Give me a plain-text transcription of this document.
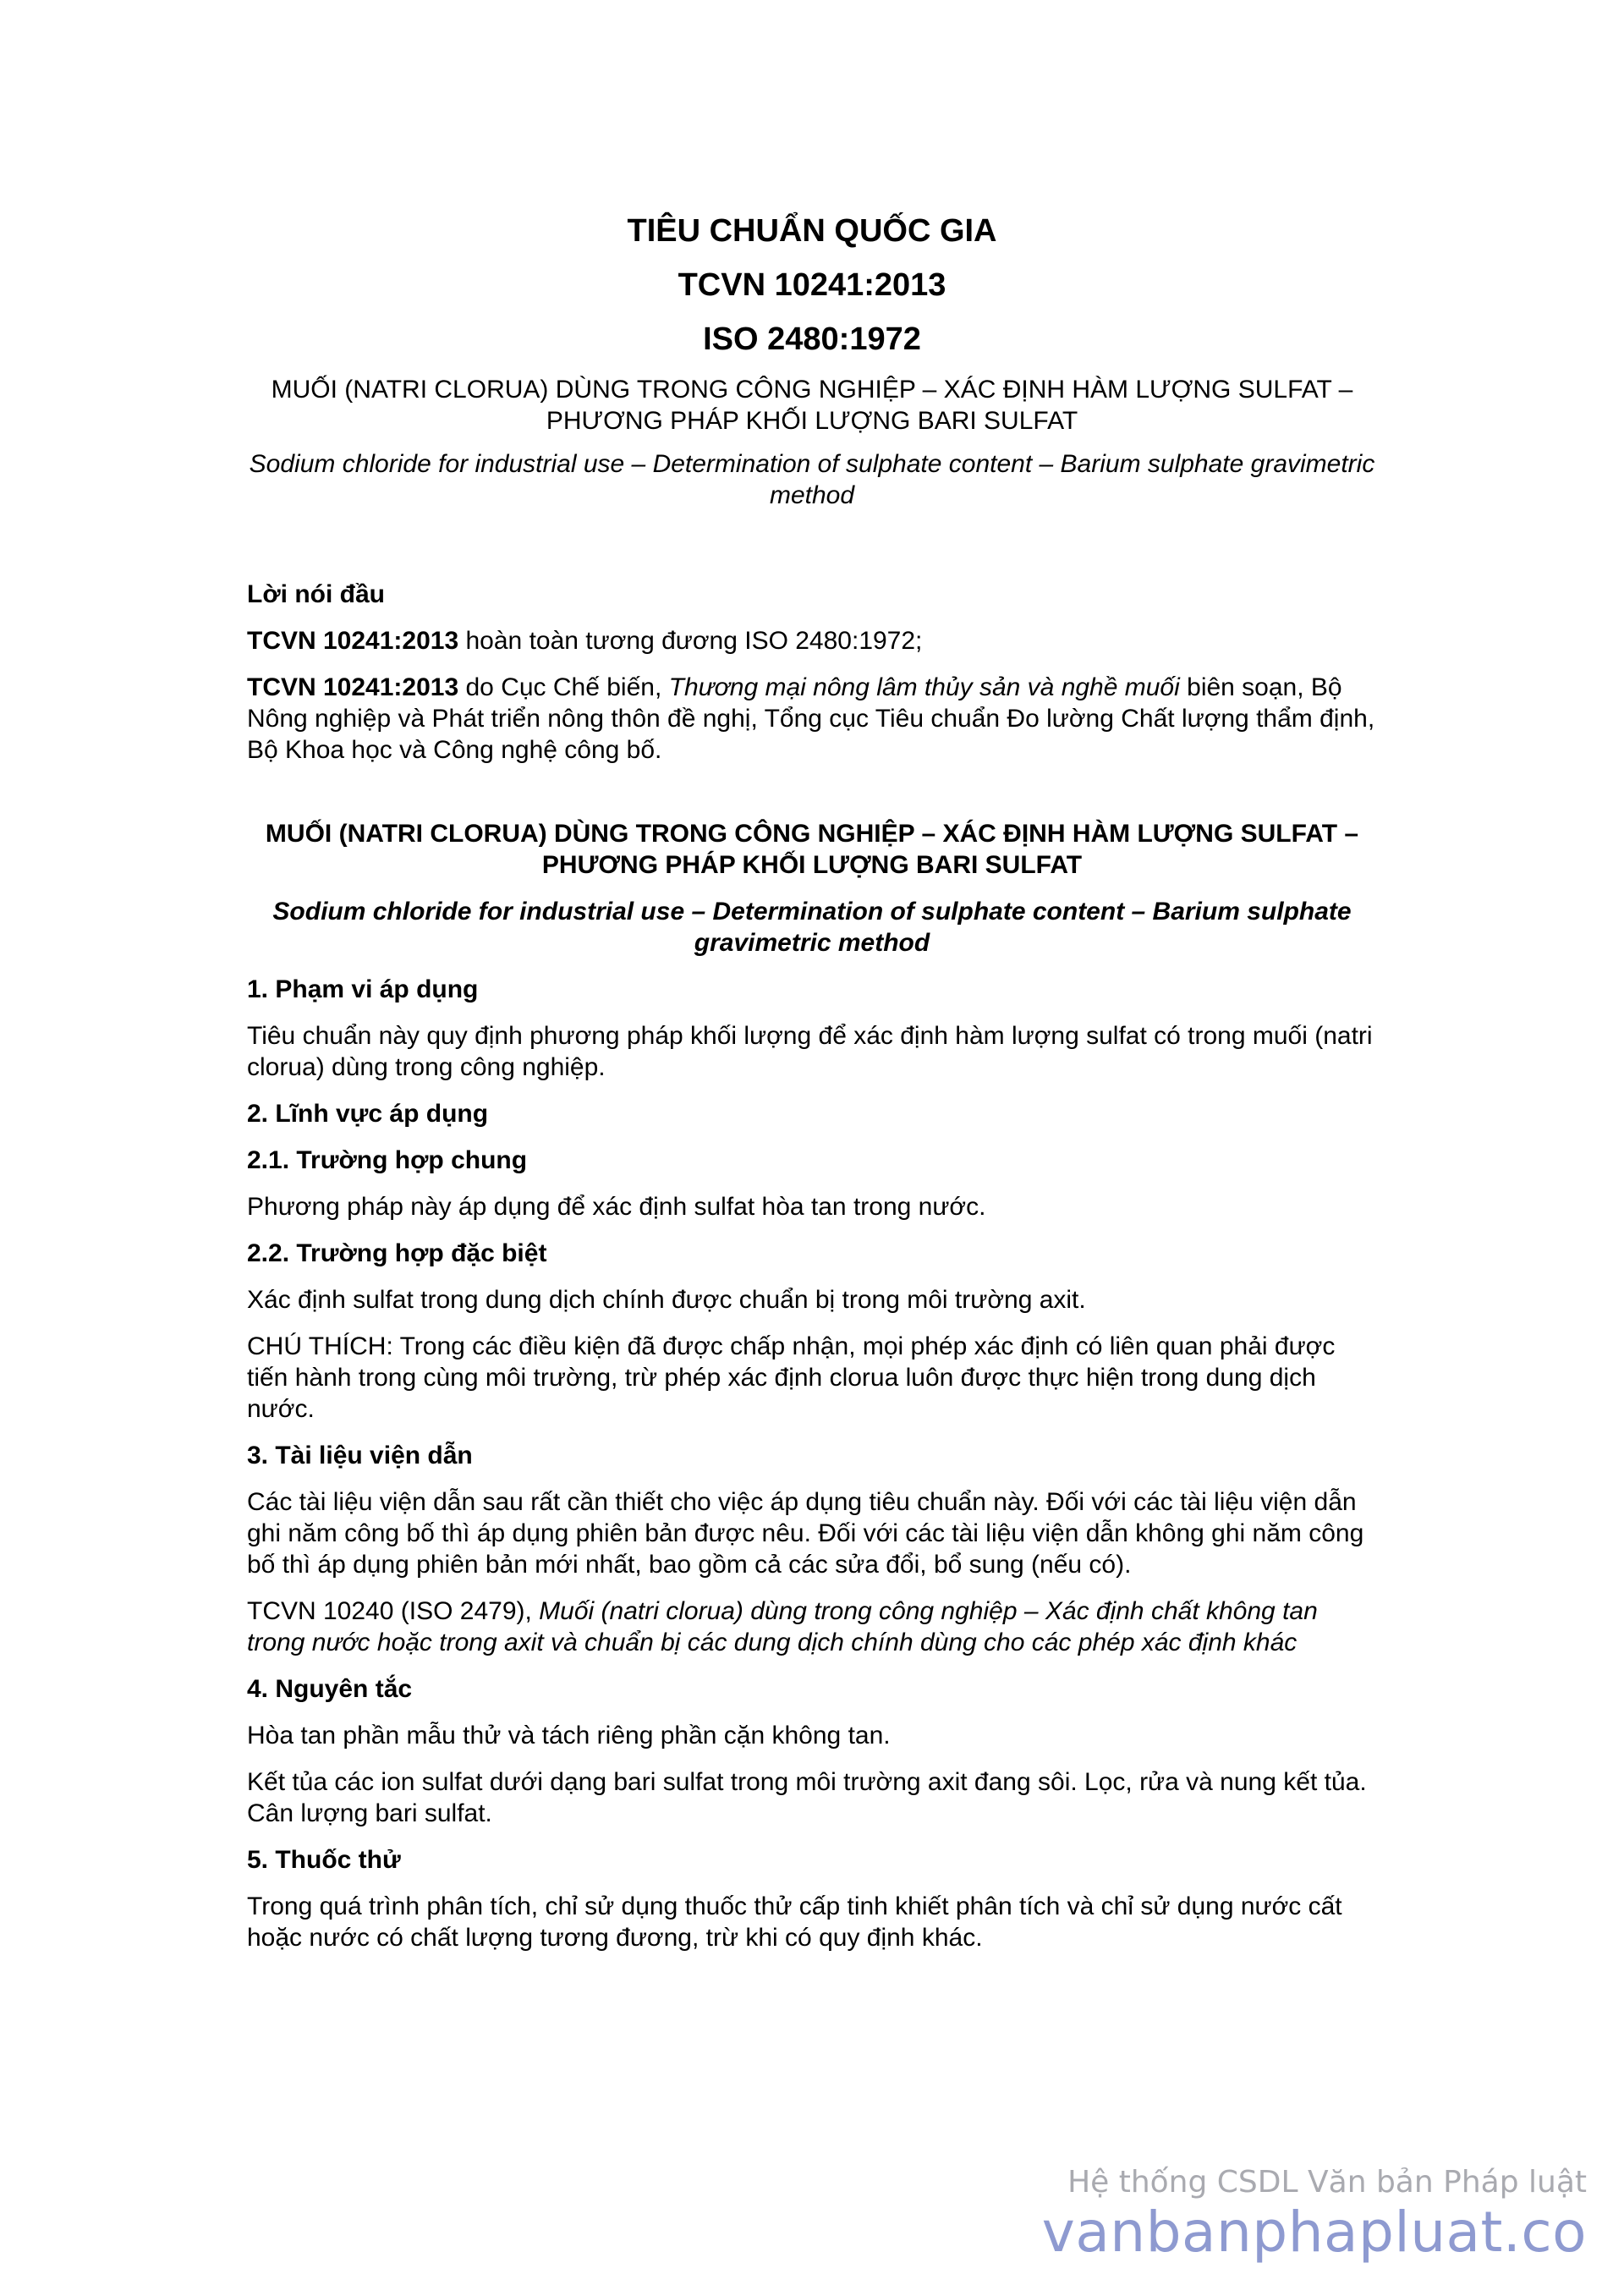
TIÊU CHUẨN QUỐC GIA
TCVN 10241:2013
ISO 2480:1972
MUỐI (NATRI CLORUA) DÙNG TRONG CÔNG NGHIỆP – XÁC ĐỊNH HÀM LƯỢNG SULFAT – PHƯƠNG PHÁP KHỐI LƯỢNG BARI SULFAT
Sodium chloride for industrial use – Determination of sulphate content – Barium sulphate gravimetric method
Lời nói đầu

TCVN 10241:2013 hoàn toàn tương đương ISO 2480:1972;

TCVN 10241:2013 do Cục Chế biến, Thương mại nông lâm thủy sản và nghề muối biên soạn, Bộ Nông nghiệp và Phát triển nông thôn đề nghị, Tổng cục Tiêu chuẩn Đo lường Chất lượng thẩm định, Bộ Khoa học và Công nghệ công bố.

MUỐI (NATRI CLORUA) DÙNG TRONG CÔNG NGHIỆP – XÁC ĐỊNH HÀM LƯỢNG SULFAT – PHƯƠNG PHÁP KHỐI LƯỢNG BARI SULFAT
Sodium chloride for industrial use – Determination of sulphate content – Barium sulphate gravimetric method
1. Phạm vi áp dụng

Tiêu chuẩn này quy định phương pháp khối lượng để xác định hàm lượng sulfat có trong muối (natri clorua) dùng trong công nghiệp.

2. Lĩnh vực áp dụng
2.1. Trường hợp chung

Phương pháp này áp dụng để xác định sulfat hòa tan trong nước.

2.2. Trường hợp đặc biệt

Xác định sulfat trong dung dịch chính được chuẩn bị trong môi trường axit.

CHÚ THÍCH: Trong các điều kiện đã được chấp nhận, mọi phép xác định có liên quan phải được tiến hành trong cùng môi trường, trừ phép xác định clorua luôn được thực hiện trong dung dịch nước.

3. Tài liệu viện dẫn

Các tài liệu viện dẫn sau rất cần thiết cho việc áp dụng tiêu chuẩn này. Đối với các tài liệu viện dẫn ghi năm công bố thì áp dụng phiên bản được nêu. Đối với các tài liệu viện dẫn không ghi năm công bố thì áp dụng phiên bản mới nhất, bao gồm cả các sửa đổi, bổ sung (nếu có).

TCVN 10240 (ISO 2479), Muối (natri clorua) dùng trong công nghiệp – Xác định chất không tan trong nước hoặc trong axit và chuẩn bị các dung dịch chính dùng cho các phép xác định khác

4. Nguyên tắc

Hòa tan phần mẫu thử và tách riêng phần cặn không tan.

Kết tủa các ion sulfat dưới dạng bari sulfat trong môi trường axit đang sôi. Lọc, rửa và nung kết tủa. Cân lượng bari sulfat.

5. Thuốc thử

Trong quá trình phân tích, chỉ sử dụng thuốc thử cấp tinh khiết phân tích và chỉ sử dụng nước cất hoặc nước có chất lượng tương đương, trừ khi có quy định khác.

Hệ thống CSDL Văn bản Pháp luật
vanbanphapluat.co
